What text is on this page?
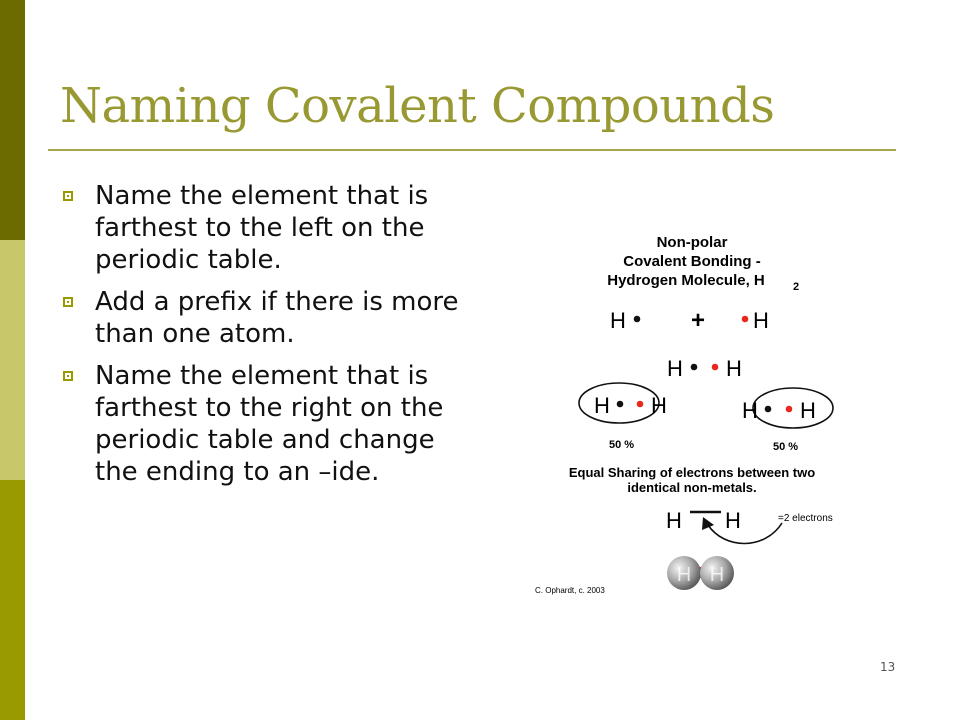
Naming Covalent Compounds
Name the element that is farthest to the left on the periodic table.
Add a prefix if there is more than one atom.
Name the element that is farthest to the right on the periodic table and change the ending to an –ide.
Non-polar
Covalent Bonding -
Hydrogen Molecule, H	2
H	+ H
H H
H H
50 %
H H
50 %
Equal Sharing of electrons between two
identical non-metals.
H H	=2 electrons
H H
C. Ophardt, c. 2003
13
